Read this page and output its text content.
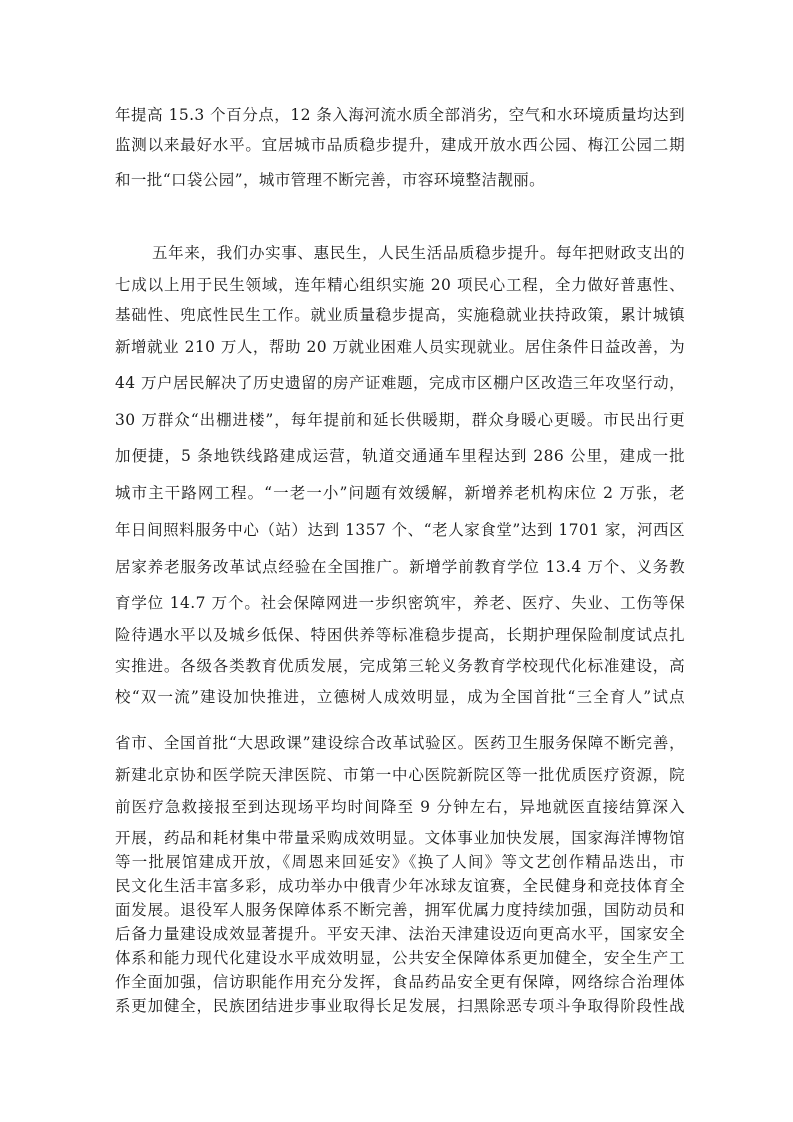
年提高 15.3 个百分点，12 条入海河流水质全部消劣，空气和水环境质量均达到
监测以来最好水平。宜居城市品质稳步提升，建成开放水西公园、梅江公园二期
和一批“口袋公园”，城市管理不断完善，市容环境整洁靓丽。
五年来，我们办实事、惠民生，人民生活品质稳步提升。每年把财政支出的
七成以上用于民生领域，连年精心组织实施 20 项民心工程，全力做好普惠性、
基础性、兜底性民生工作。就业质量稳步提高，实施稳就业扶持政策，累计城镇
新增就业 210 万人，帮助 20 万就业困难人员实现就业。居住条件日益改善，为
44 万户居民解决了历史遗留的房产证难题，完成市区棚户区改造三年攻坚行动，
30 万群众“出棚进楼”，每年提前和延长供暖期，群众身暖心更暖。市民出行更
加便捷，5 条地铁线路建成运营，轨道交通通车里程达到 286 公里，建成一批
城市主干路网工程。“一老一小”问题有效缓解，新增养老机构床位 2 万张，老
年日间照料服务中心（站）达到 1357 个、“老人家食堂”达到 1701 家，河西区
居家养老服务改革试点经验在全国推广。新增学前教育学位 13.4 万个、义务教
育学位 14.7 万个。社会保障网进一步织密筑牢，养老、医疗、失业、工伤等保
险待遇水平以及城乡低保、特困供养等标准稳步提高，长期护理保险制度试点扎
实推进。各级各类教育优质发展，完成第三轮义务教育学校现代化标准建设，高
校“双一流”建设加快推进，立德树人成效明显，成为全国首批“三全育人”试点
省市、全国首批“大思政课”建设综合改革试验区。医药卫生服务保障不断完善，
新建北京协和医学院天津医院、市第一中心医院新院区等一批优质医疗资源，院
前医疗急救接报至到达现场平均时间降至 9 分钟左右，异地就医直接结算深入
开展，药品和耗材集中带量采购成效明显。文体事业加快发展，国家海洋博物馆
等一批展馆建成开放，《周恩来回延安》《换了人间》等文艺创作精品迭出，市
民文化生活丰富多彩，成功举办中俄青少年冰球友谊赛，全民健身和竞技体育全
面发展。退役军人服务保障体系不断完善，拥军优属力度持续加强，国防动员和
后备力量建设成效显著提升。平安天津、法治天津建设迈向更高水平，国家安全
体系和能力现代化建设水平成效明显，公共安全保障体系更加健全，安全生产工
作全面加强，信访职能作用充分发挥，食品药品安全更有保障，网络综合治理体
系更加健全，民族团结进步事业取得长足发展，扫黑除恶专项斗争取得阶段性战
